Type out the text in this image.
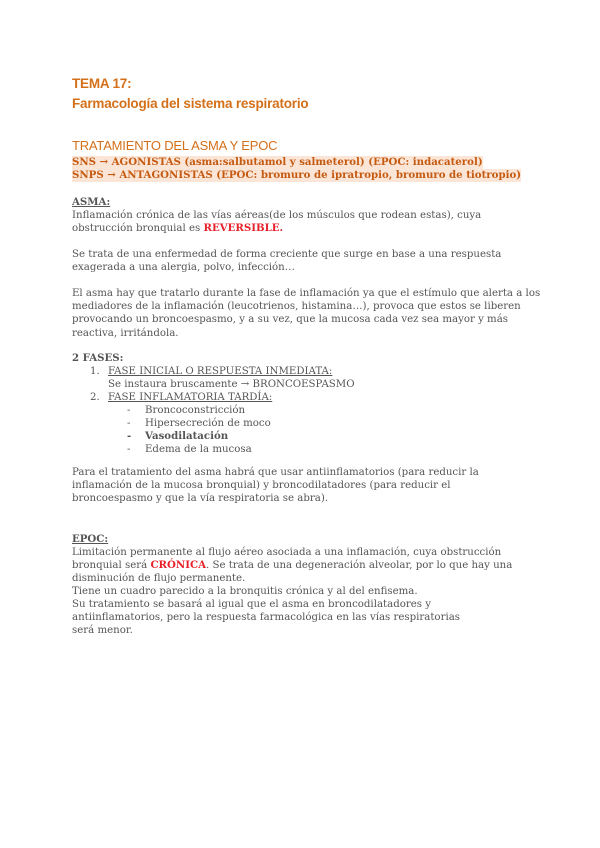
TEMA 17:
Farmacología del sistema respiratorio
TRATAMIENTO DEL ASMA Y EPOC
SNS → AGONISTAS (asma:salbutamol y salmeterol) (EPOC: indacaterol)
SNPS → ANTAGONISTAS (EPOC: bromuro de ipratropio, bromuro de tiotropio)
ASMA:
Inflamación crónica de las vías aéreas(de los músculos que rodean estas), cuya obstrucción bronquial es REVERSIBLE.
Se trata de una enfermedad de forma creciente que surge en base a una respuesta exagerada a una alergia, polvo, infección…
El asma hay que tratarlo durante la fase de inflamación ya que el estímulo que alerta a los mediadores de la inflamación (leucotrienos, histamina…), provoca que estos se liberen provocando un broncoespasmo, y a su vez, que la mucosa cada vez sea mayor y más reactiva, irritándola.
2 FASES:
1. FASE INICIAL O RESPUESTA INMEDIATA:
Se instaura bruscamente → BRONCOESPASMO
2. FASE INFLAMATORIA TARDÍA:
- Broncoconstricción
- Hipersecreción de moco
- Vasodilatación
- Edema de la mucosa
Para el tratamiento del asma habrá que usar antiinflamatorios (para reducir la inflamación de la mucosa bronquial) y broncodilatadores (para reducir el broncoespasmo y que la vía respiratoria se abra).
EPOC:
Limitación permanente al flujo aéreo asociada a una inflamación, cuya obstrucción bronquial será CRÓNICA. Se trata de una degeneración alveolar, por lo que hay una disminución de flujo permanente.
Tiene un cuadro parecido a la bronquitis crónica y al del enfisema.
Su tratamiento se basará al igual que el asma en broncodilatadores y antiinflamatorios, pero la respuesta farmacológica en las vías respiratorias será menor.
